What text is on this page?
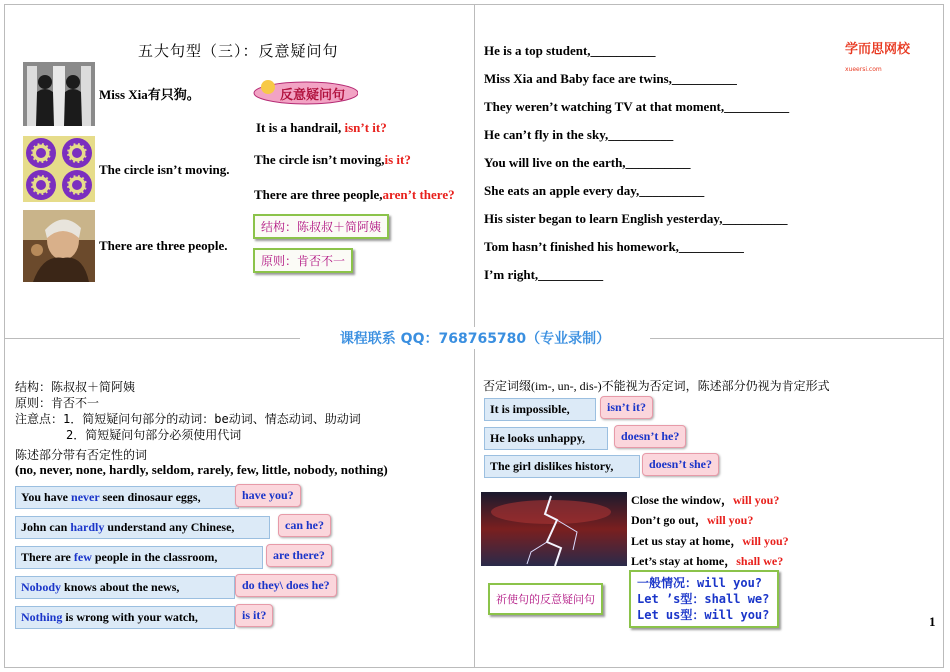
五大句型（三）：反意疑问句
Miss Xia有只狗。
The circle isn’t moving.
There are three people.
反意疑问句
It is a handrail, isn’t it?
The circle isn’t moving,is it?
There are three people,aren’t there?
结构：陈叔叔＋简阿姨
原则：肯否不一
学而思网校 xueersi.com
He is a top student,__________
Miss Xia and Baby face are twins,__________
They weren’t watching TV at that moment,__________
He can’t fly in the sky,__________
You will live on the earth,__________
She eats an apple every day,__________
His sister began to learn English yesterday,__________
Tom hasn’t finished his homework,__________
I’m right,__________
课程联系 QQ：768765780（专业录制）
结构：陈叔叔＋简阿姨
原则：肯否不一
注意点：1．简短疑问句部分的动词：be动词、情态动词、助动词
2．简短疑问句部分必须使用代词
陈述部分带有否定性的词
(no, never, none, hardly, seldom, rarely, few, little, nobody, nothing)
You have never seen dinosaur eggs,	have you?
John can hardly understand any Chinese,	can he?
There are few people in the classroom,	are there?
Nobody knows about the news,	do they\ does he?
Nothing is wrong with your watch,	is it?
否定词缀(im-, un-, dis-)不能视为否定词，陈述部分仍视为肯定形式
It is impossible,	isn’t it?
He looks unhappy,	doesn’t he?
The girl dislikes history,	doesn’t she?
Close the window，will you?
Don’t go out，will you?
Let us stay at home，will you?
Let’s stay at home，shall we?
祈使句的反意疑问句
一般情况：will you?
Let ’s型：shall we?
Let us型：will you?	1
